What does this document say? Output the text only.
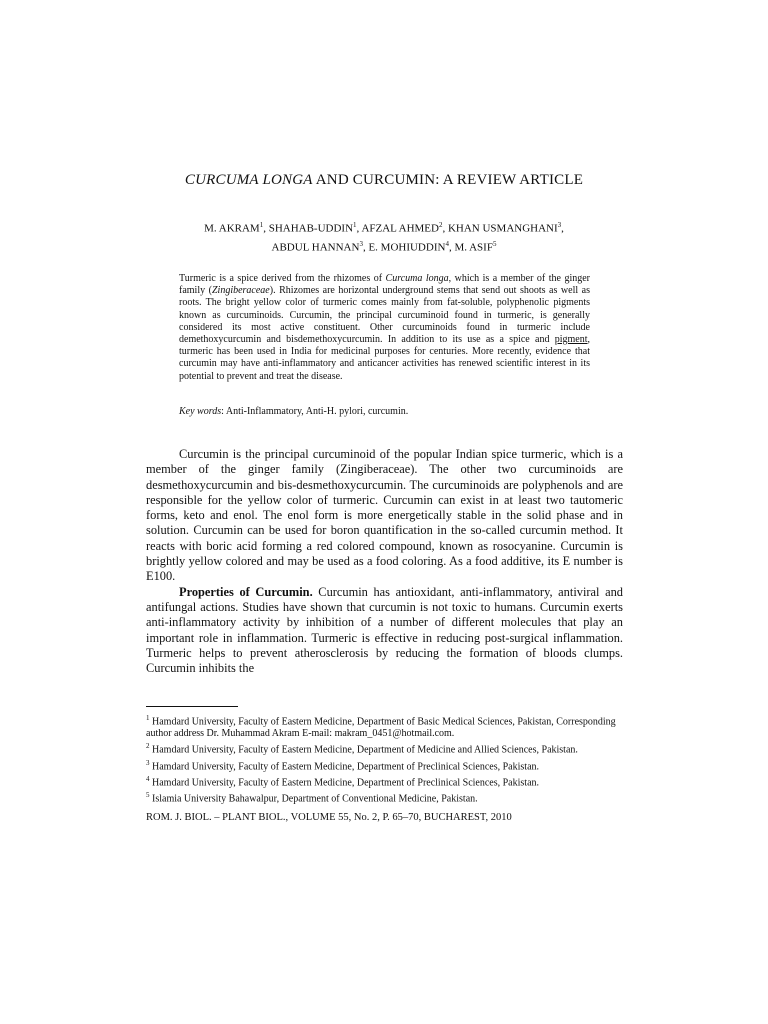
CURCUMA LONGA AND CURCUMIN: A REVIEW ARTICLE
M. AKRAM$^1$, SHAHAB-UDDIN$^1$, AFZAL AHMED$^2$, KHAN USMANGHANI$^3$,
ABDUL HANNAN$^3$, E. MOHIUDDIN$^4$, M. ASIF$^5$

Turmeric is a spice derived from the rhizomes of Curcuma longa, which is a member of the ginger family (Zingiberaceae). Rhizomes are horizontal underground stems that send out shoots as well as roots. The bright yellow color of turmeric comes mainly from fat-soluble, polyphenolic pigments known as curcuminoids. Curcumin, the principal curcuminoid found in turmeric, is generally considered its most active constituent. Other curcuminoids found in turmeric include demethoxycurcumin and bisdemethoxycurcumin. In addition to its use as a spice and pigment, turmeric has been used in India for medicinal purposes for centuries. More recently, evidence that curcumin may have anti-inflammatory and anticancer activities has renewed scientific interest in its potential to prevent and treat the disease.

Key words: Anti-Inflammatory, Anti-H. pylori, curcumin.

Curcumin is the principal curcuminoid of the popular Indian spice turmeric, which is a member of the ginger family (Zingiberaceae). The other two curcuminoids are desmethoxycurcumin and bis-desmethoxycurcumin. The curcuminoids are polyphenols and are responsible for the yellow color of turmeric. Curcumin can exist in at least two tautomeric forms, keto and enol. The enol form is more energetically stable in the solid phase and in solution. Curcumin can be used for boron quantification in the so-called curcumin method. It reacts with boric acid forming a red colored compound, known as rosocyanine. Curcumin is brightly yellow colored and may be used as a food coloring. As a food additive, its E number is E100.

Properties of Curcumin. Curcumin has antioxidant, anti-inflammatory, antiviral and antifungal actions. Studies have shown that curcumin is not toxic to humans. Curcumin exerts anti-inflammatory activity by inhibition of a number of different molecules that play an important role in inflammation. Turmeric is effective in reducing post-surgical inflammation. Turmeric helps to prevent atherosclerosis by reducing the formation of bloods clumps. Curcumin inhibits the

$^1$ Hamdard University, Faculty of Eastern Medicine, Department of Basic Medical Sciences, Pakistan, Corresponding author address Dr. Muhammad Akram E-mail: makram_0451@hotmail.com.
$^2$ Hamdard University, Faculty of Eastern Medicine, Department of Medicine and Allied Sciences, Pakistan.
$^3$ Hamdard University, Faculty of Eastern Medicine, Department of Preclinical Sciences, Pakistan.
$^4$ Hamdard University, Faculty of Eastern Medicine, Department of Preclinical Sciences, Pakistan.
$^5$ Islamia University Bahawalpur, Department of Conventional Medicine, Pakistan.

ROM. J. BIOL. – PLANT BIOL., VOLUME 55, No. 2, P. 65–70, BUCHAREST, 2010
